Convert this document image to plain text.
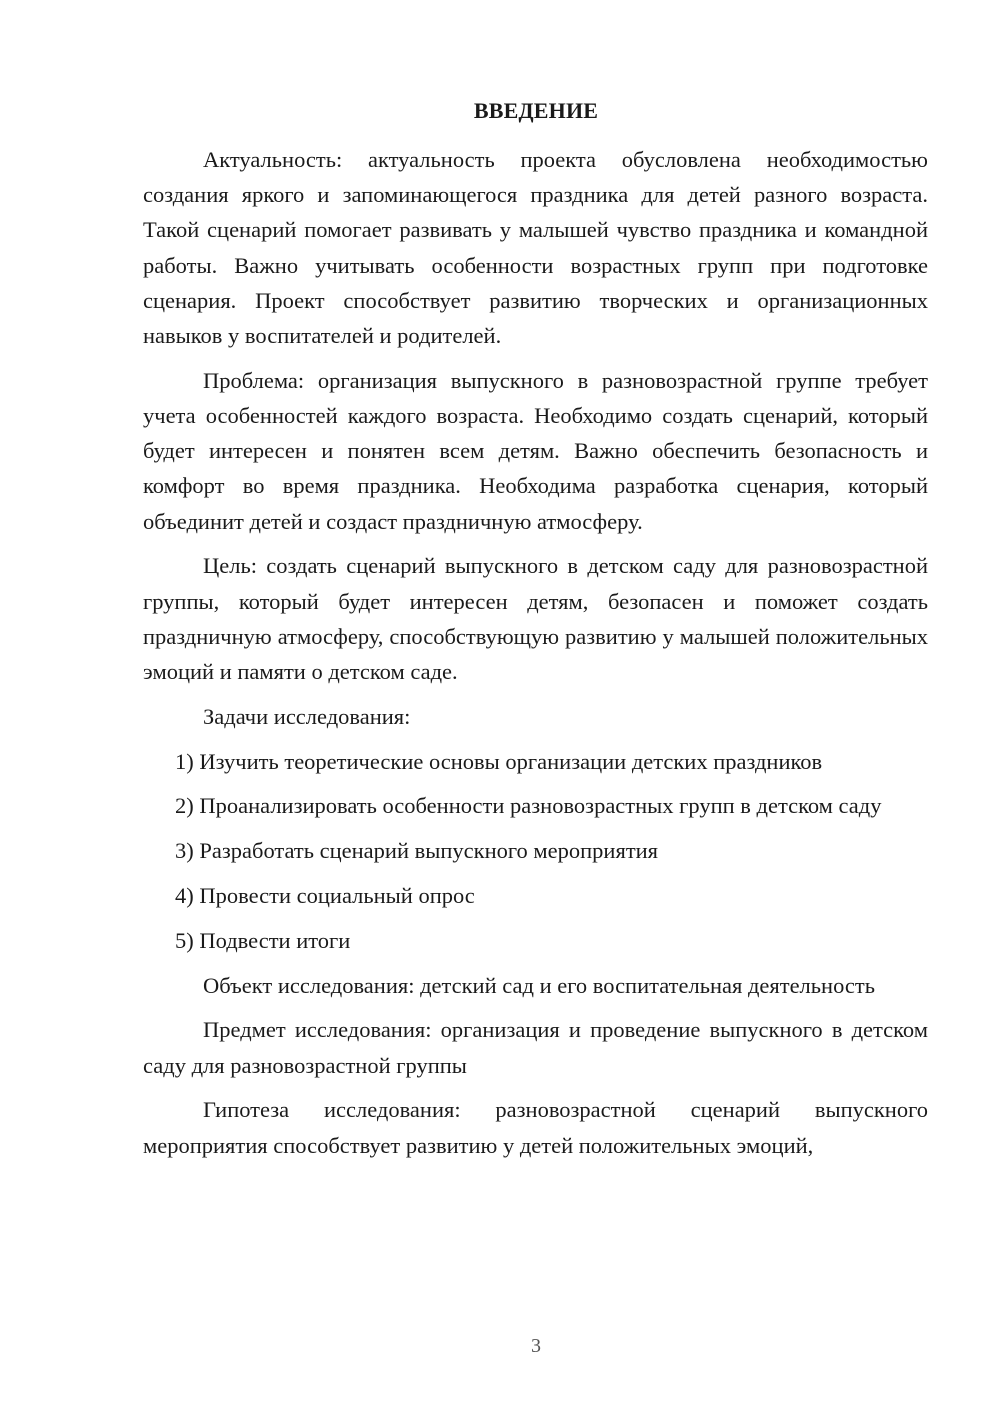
ВВЕДЕНИЕ

Актуальность: актуальность проекта обусловлена необходимостью создания яркого и запоминающегося праздника для детей разного возраста. Такой сценарий помогает развивать у малышей чувство праздника и командной работы. Важно учитывать особенности возрастных групп при подготовке сценария. Проект способствует развитию творческих и организационных навыков у воспитателей и родителей.

Проблема: организация выпускного в разновозрастной группе требует учета особенностей каждого возраста. Необходимо создать сценарий, который будет интересен и понятен всем детям. Важно обеспечить безопасность и комфорт во время праздника. Необходима разработка сценария, который объединит детей и создаст праздничную атмосферу.

Цель: создать сценарий выпускного в детском саду для разновозрастной группы, который будет интересен детям, безопасен и поможет создать праздничную атмосферу, способствующую развитию у малышей положительных эмоций и памяти о детском саде.

Задачи исследования:

1) Изучить теоретические основы организации детских праздников

2) Проанализировать особенности разновозрастных групп в детском саду

3) Разработать сценарий выпускного мероприятия

4) Провести социальный опрос

5) Подвести итоги

Объект исследования: детский сад и его воспитательная деятельность

Предмет исследования: организация и проведение выпускного в детском саду для разновозрастной группы

Гипотеза исследования: разновозрастной сценарий выпускного мероприятия способствует развитию у детей положительных эмоций,

3
